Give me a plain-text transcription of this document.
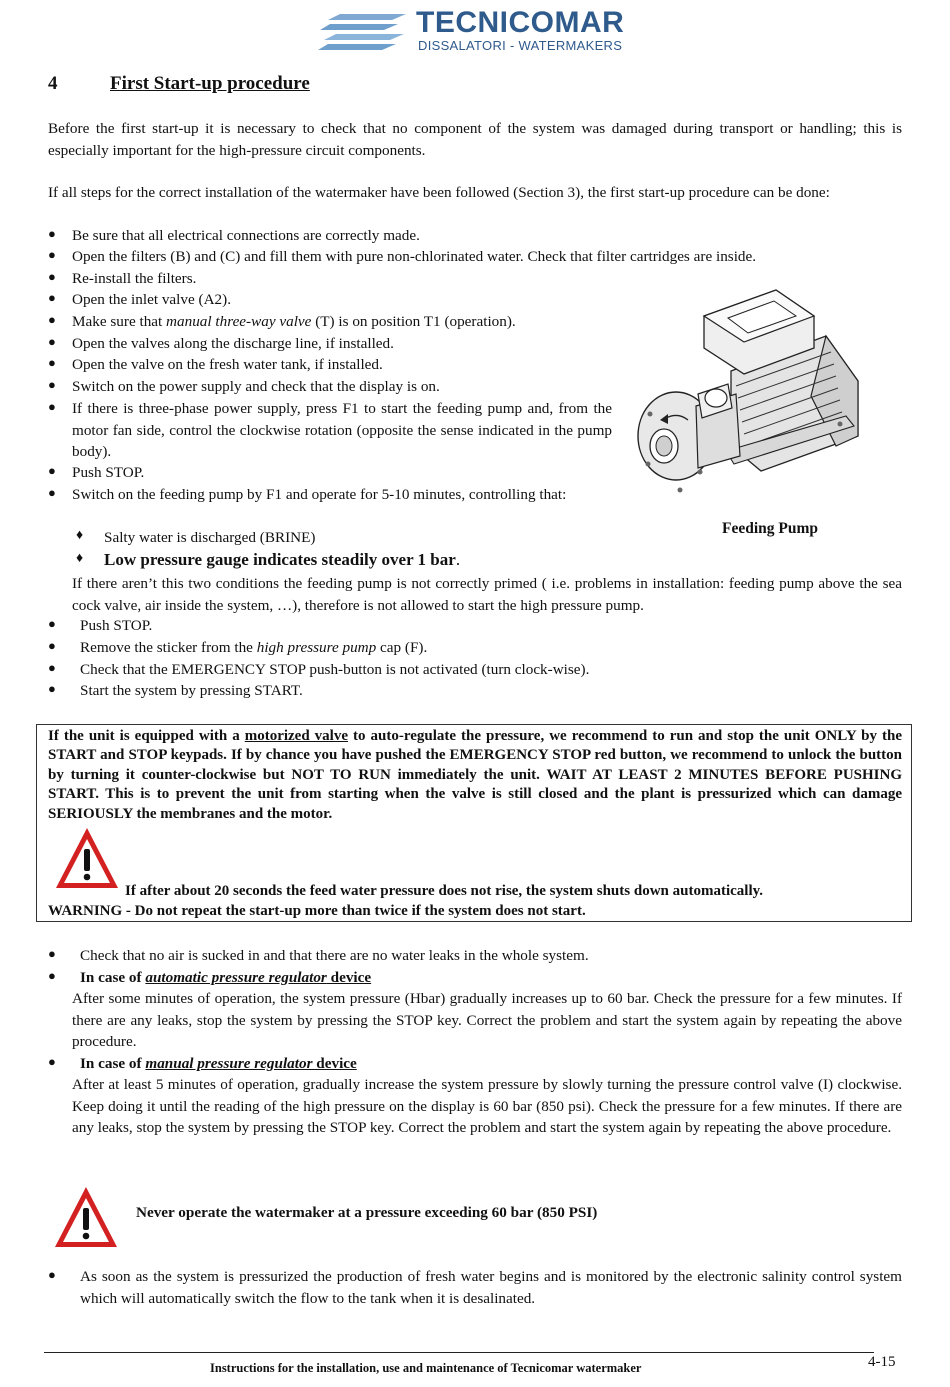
TECNICOMAR
DISSALATORI - WATERMAKERS
4	First Start-up procedure

Before the first start-up it is necessary to check that no component of the system was damaged during transport or handling; this is especially important for the high-pressure circuit components.

If all steps for the correct installation of the watermaker have been followed (Section 3), the first start-up procedure can be done:

● Be sure that all electrical connections are correctly made.

● Open the filters (B) and (C) and fill them with pure non-chlorinated water. Check that filter cartridges are inside.

● Re-install the filters.

● Open the inlet valve (A2).

● Make sure that manual three-way valve (T) is on position T1 (operation).

● Open the valves along the discharge line, if installed.

● Open the valve on the fresh water tank, if installed.

● Switch on the power supply and check that the display is on.

● If there is three-phase power supply, press F1 to start the feeding pump and, from the motor fan side, control the clockwise rotation (opposite the sense indicated in the pump body).

● Push STOP.

● Switch on the feeding pump by F1 and operate for 5-10 minutes, controlling that:

♦ Salty water is discharged (BRINE)

♦ Low pressure gauge indicates steadily over 1 bar.

If there aren’t this two conditions the feeding pump is not correctly primed ( i.e. problems in installation: feeding pump above the sea cock valve, air inside the system, …), therefore is not allowed to start the high pressure pump.

● Push STOP.

● Remove the sticker from the high pressure pump cap (F).

● Check that the EMERGENCY STOP push-button is not activated (turn clock-wise).

● Start the system by pressing START.

Feeding Pump

If the unit is equipped with a motorized valve to auto-regulate the pressure, we recommend to run and stop the unit ONLY by the START and STOP keypads. If by chance you have pushed the EMERGENCY STOP red button, we recommend to unlock the button by turning it counter-clockwise but NOT TO RUN immediately the unit. WAIT AT LEAST 2 MINUTES BEFORE PUSHING START. This is to prevent the unit from starting when the valve is still closed and the plant is pressurized which can damage SERIOUSLY the membranes and the motor.

If after about 20 seconds the feed water pressure does not rise, the system shuts down automatically.

WARNING - Do not repeat the start-up more than twice if the system does not start.

● Check that no air is sucked in and that there are no water leaks in the whole system.

● In case of automatic pressure regulator device

After some minutes of operation, the system pressure (Hbar) gradually increases up to 60 bar. Check the pressure for a few minutes. If there are any leaks, stop the system by pressing the STOP key. Correct the problem and start the system again by repeating the above procedure.

● In case of manual pressure regulator device

After at least 5 minutes of operation, gradually increase the system pressure by slowly turning the pressure control valve (I) clockwise. Keep doing it until the reading of the high pressure on the display is 60 bar (850 psi). Check the pressure for a few minutes. If there are any leaks, stop the system by pressing the STOP key. Correct the problem and start the system again by repeating the above procedure.

Never operate the watermaker at a pressure exceeding 60 bar (850 PSI)

● As soon as the system is pressurized the production of fresh water begins and is monitored by the electronic salinity control system which will automatically switch the flow to the tank when it is desalinated.

Instructions for the installation, use and maintenance of Tecnicomar watermaker	4-15
